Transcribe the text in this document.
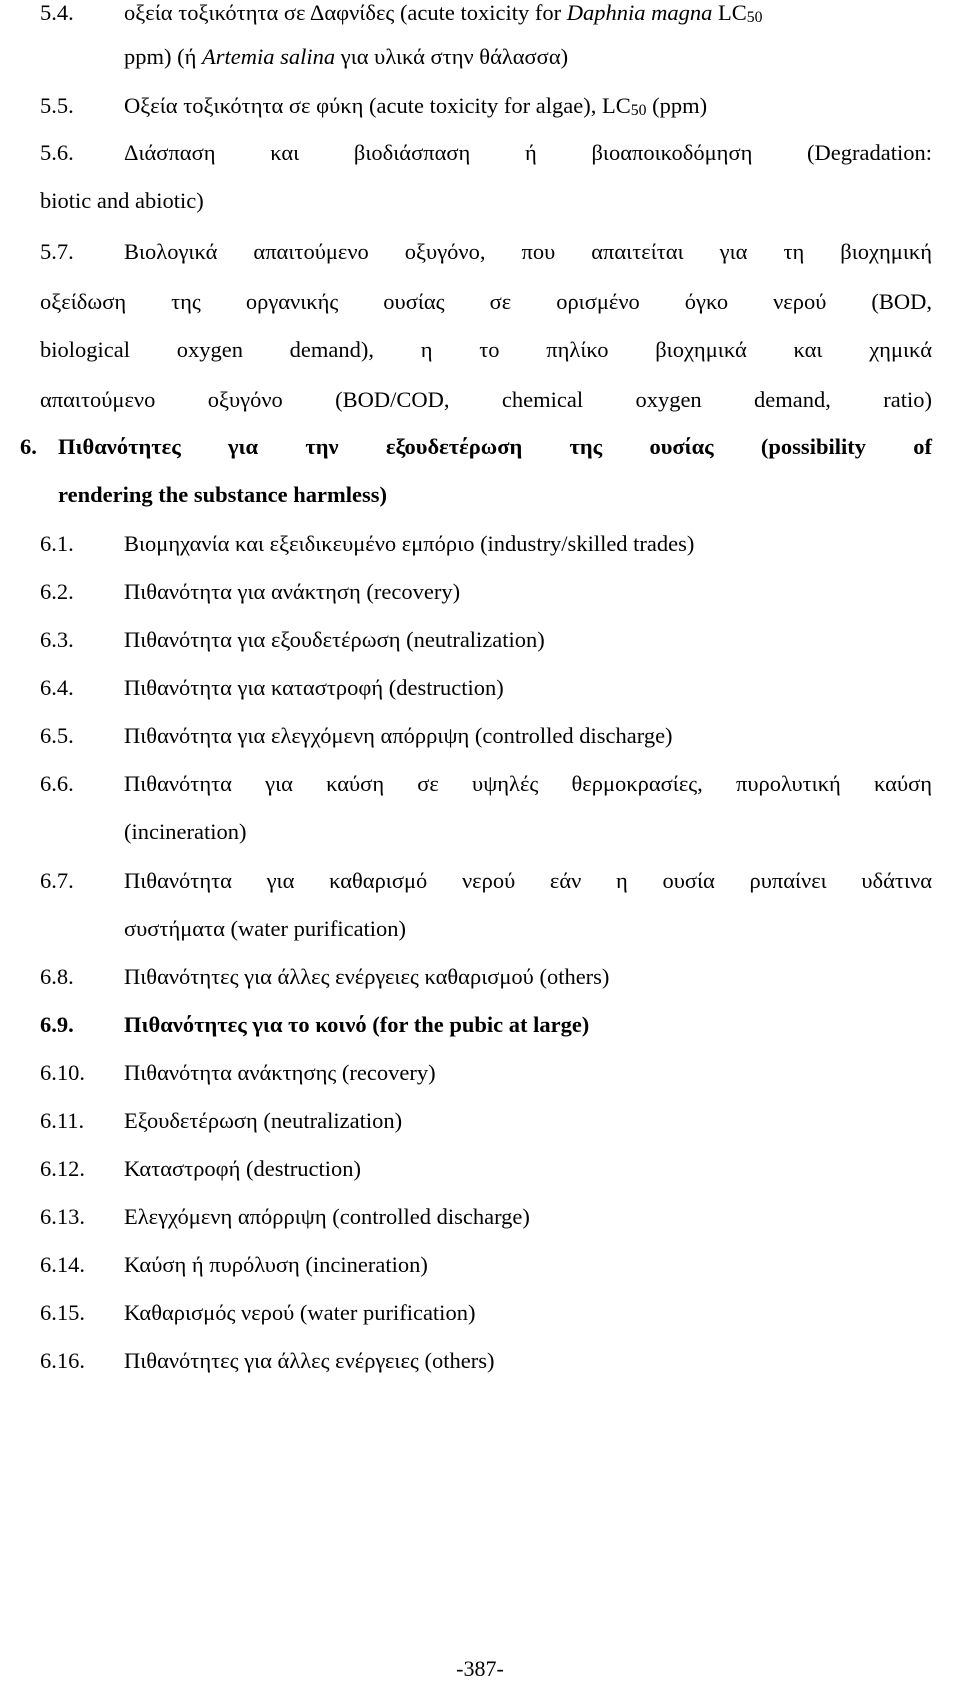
5.4. οξεία τοξικότητα σε Δαφνίδες (acute toxicity for Daphnia magna $LC_{50}$
ppm) (ή Artemia salina για υλικά στην θάλασσα)
5.5. Οξεία τοξικότητα σε φύκη (acute toxicity for algae), $LC_{50}$ (ppm)
5.6. Διάσπαση και βιοδιάσπαση ή βιοαποικοδόμηση (Degradation:
biotic and abiotic)
5.7. Βιολογικά απαιτούμενο οξυγόνο, που απαιτείται για τη βιοχημική
οξείδωση της οργανικής ουσίας σε ορισμένο όγκο νερού (BOD,
biological oxygen demand), η το πηλίκο βιοχημικά και χημικά
απαιτούμενο οξυγόνο (BOD/COD, chemical oxygen demand, ratio)
6. Πιθανότητες για την εξουδετέρωση της ουσίας (possibility of
rendering the substance harmless)
6.1. Βιομηχανία και εξειδικευμένο εμπόριο (industry/skilled trades)
6.2. Πιθανότητα για ανάκτηση (recovery)
6.3. Πιθανότητα για εξουδετέρωση (neutralization)
6.4. Πιθανότητα για καταστροφή (destruction)
6.5. Πιθανότητα για ελεγχόμενη απόρριψη (controlled discharge)
6.6. Πιθανότητα για καύση σε υψηλές θερμοκρασίες, πυρολυτική καύση
(incineration)
6.7. Πιθανότητα για καθαρισμό νερού εάν η ουσία ρυπαίνει υδάτινα
συστήματα (water purification)
6.8. Πιθανότητες για άλλες ενέργειες καθαρισμού (others)
6.9. Πιθανότητες για το κοινό (for the pubic at large)
6.10. Πιθανότητα ανάκτησης (recovery)
6.11. Εξουδετέρωση (neutralization)
6.12. Καταστροφή (destruction)
6.13. Ελεγχόμενη απόρριψη (controlled discharge)
6.14. Καύση ή πυρόλυση (incineration)
6.15. Καθαρισμός νερού (water purification)
6.16. Πιθανότητες για άλλες ενέργειες (others)
-387-
